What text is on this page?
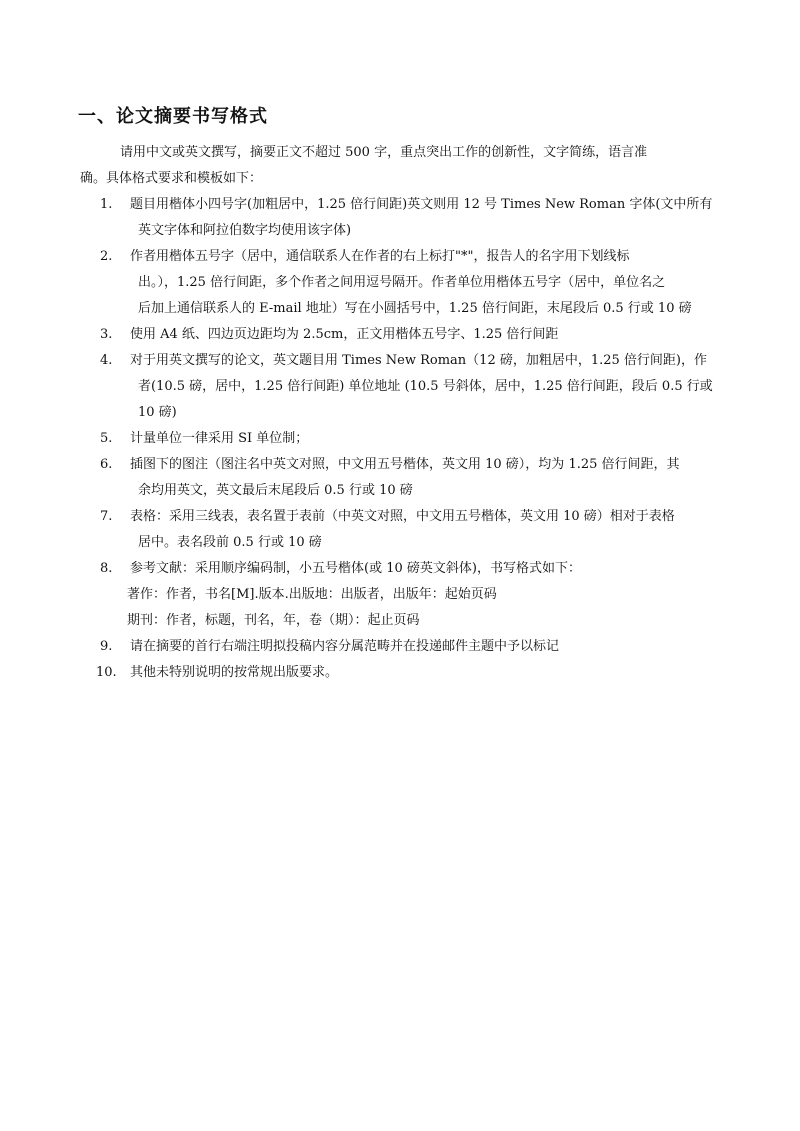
一、论文摘要书写格式

请用中文或英文撰写，摘要正文不超过 500 字，重点突出工作的创新性，文字简练，语言准
确。具体格式要求和模板如下：

1.	题目用楷体小四号字(加粗居中，1.25 倍行间距)英文则用 12 号 Times New Roman 字体(文中所有
英文字体和阿拉伯数字均使用该字体)
2.	作者用楷体五号字（居中，通信联系人在作者的右上标打"*"，报告人的名字用下划线标
出。），1.25 倍行间距，多个作者之间用逗号隔开。作者单位用楷体五号字（居中，单位名之
后加上通信联系人的 E-mail 地址）写在小圆括号中，1.25 倍行间距，末尾段后 0.5 行或 10 磅
3.	使用 A4 纸、四边页边距均为 2.5cm，正文用楷体五号字、1.25 倍行间距
4.	对于用英文撰写的论文，英文题目用 Times New Roman（12 磅，加粗居中，1.25 倍行间距)，作
者(10.5 磅，居中，1.25 倍行间距) 单位地址 (10.5 号斜体，居中，1.25 倍行间距，段后 0.5 行或
10 磅)
5.	计量单位一律采用 SI 单位制；
6.	插图下的图注（图注名中英文对照，中文用五号楷体，英文用 10 磅），均为 1.25 倍行间距，其
余均用英文，英文最后末尾段后 0.5 行或 10 磅
7.	表格：采用三线表，表名置于表前（中英文对照，中文用五号楷体，英文用 10 磅）相对于表格
居中。表名段前 0.5 行或 10 磅
8.	参考文献：采用顺序编码制，小五号楷体(或 10 磅英文斜体)，书写格式如下：

著作：作者，书名[M].版本.出版地：出版者，出版年：起始页码

期刊：作者，标题，刊名，年，卷（期）：起止页码

9.	请在摘要的首行右端注明拟投稿内容分属范畴并在投递邮件主题中予以标记
10.	其他未特别说明的按常规出版要求。
